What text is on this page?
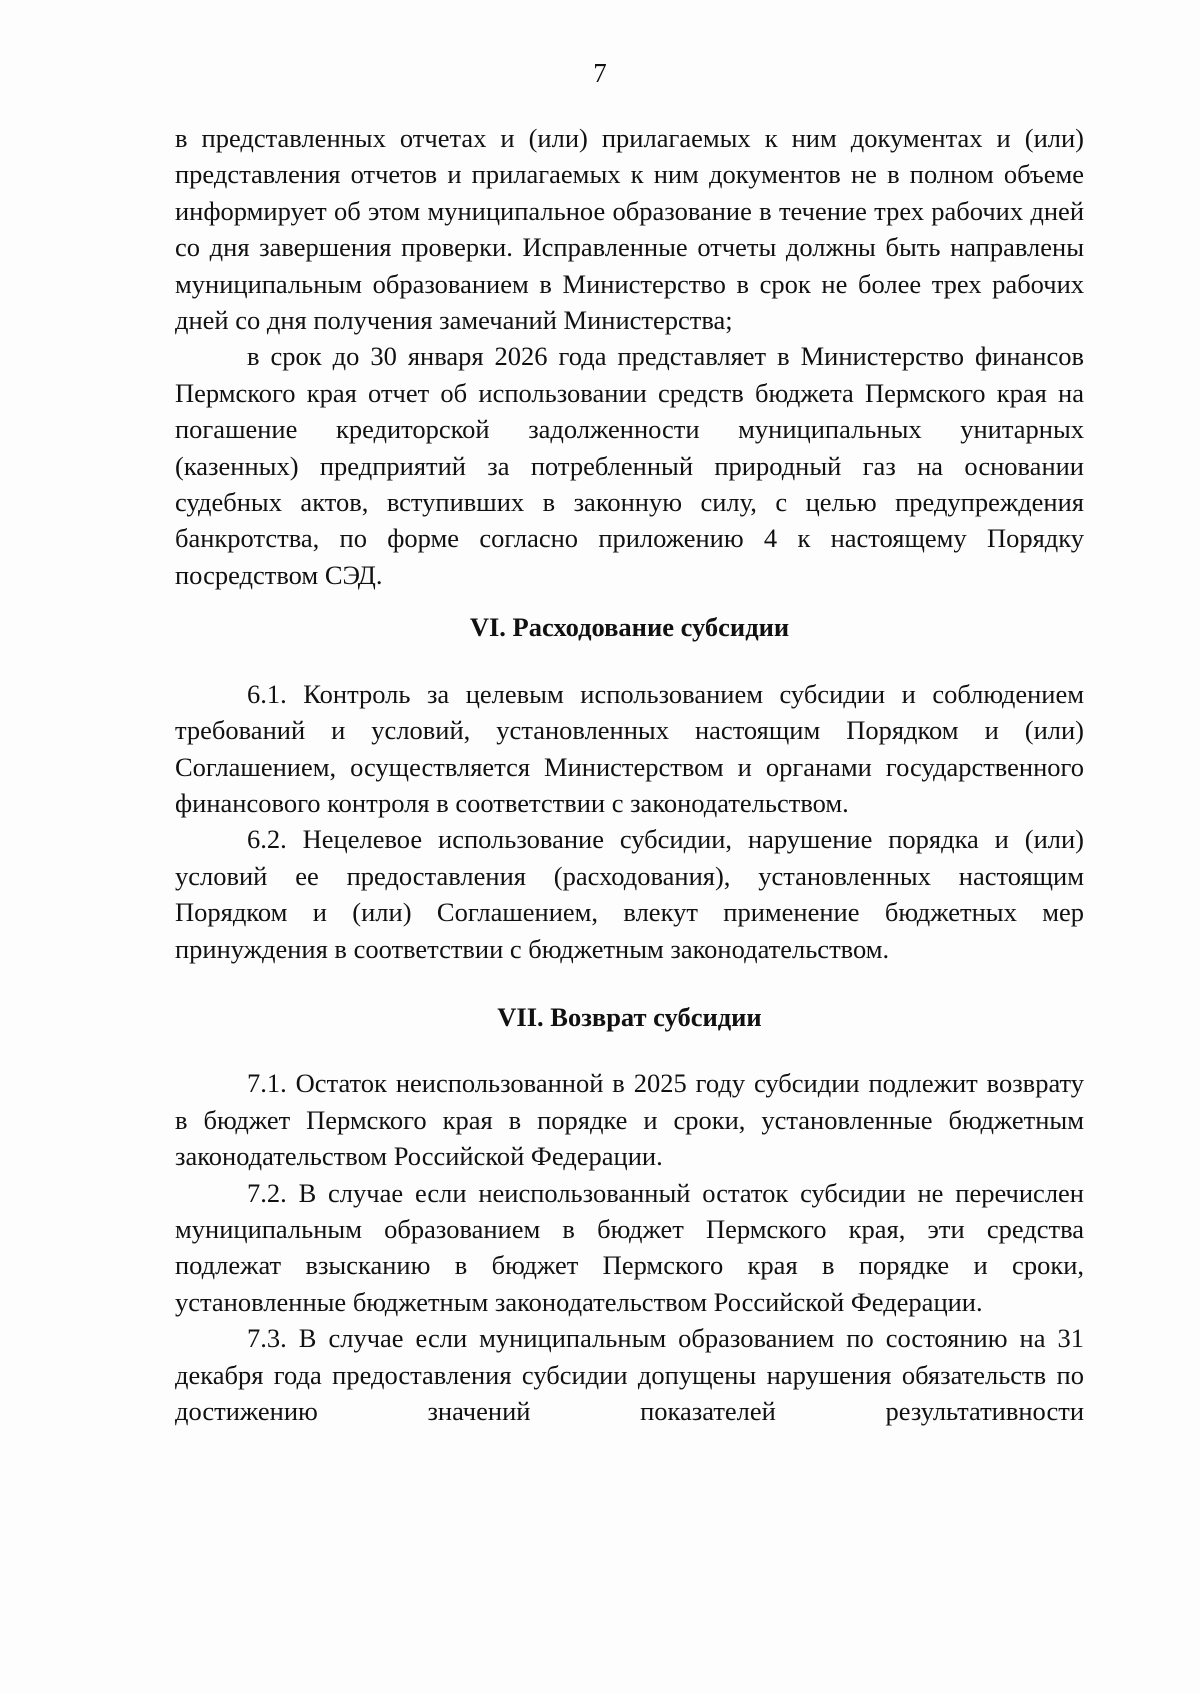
7

в представленных отчетах и (или) прилагаемых к ним документах и (или) представления отчетов и прилагаемых к ним документов не в полном объеме информирует об этом муниципальное образование в течение трех рабочих дней со дня завершения проверки. Исправленные отчеты должны быть направлены муниципальным образованием в Министерство в срок не более трех рабочих дней со дня получения замечаний Министерства;

в срок до 30 января 2026 года представляет в Министерство финансов Пермского края отчет об использовании средств бюджета Пермского края на погашение кредиторской задолженности муниципальных унитарных (казенных) предприятий за потребленный природный газ на основании судебных актов, вступивших в законную силу, с целью предупреждения банкротства, по форме согласно приложению 4 к настоящему Порядку посредством СЭД.

VI. Расходование субсидии

6.1. Контроль за целевым использованием субсидии и соблюдением требований и условий, установленных настоящим Порядком и (или) Соглашением, осуществляется Министерством и органами государственного финансового контроля в соответствии с законодательством.

6.2. Нецелевое использование субсидии, нарушение порядка и (или) условий ее предоставления (расходования), установленных настоящим Порядком и (или) Соглашением, влекут применение бюджетных мер принуждения в соответствии с бюджетным законодательством.

VII. Возврат субсидии

7.1. Остаток неиспользованной в 2025 году субсидии подлежит возврату в бюджет Пермского края в порядке и сроки, установленные бюджетным законодательством Российской Федерации.

7.2. В случае если неиспользованный остаток субсидии не перечислен муниципальным образованием в бюджет Пермского края, эти средства подлежат взысканию в бюджет Пермского края в порядке и сроки, установленные бюджетным законодательством Российской Федерации.

7.3. В случае если муниципальным образованием по состоянию на 31 декабря года предоставления субсидии допущены нарушения обязательств по достижению значений показателей результативности
